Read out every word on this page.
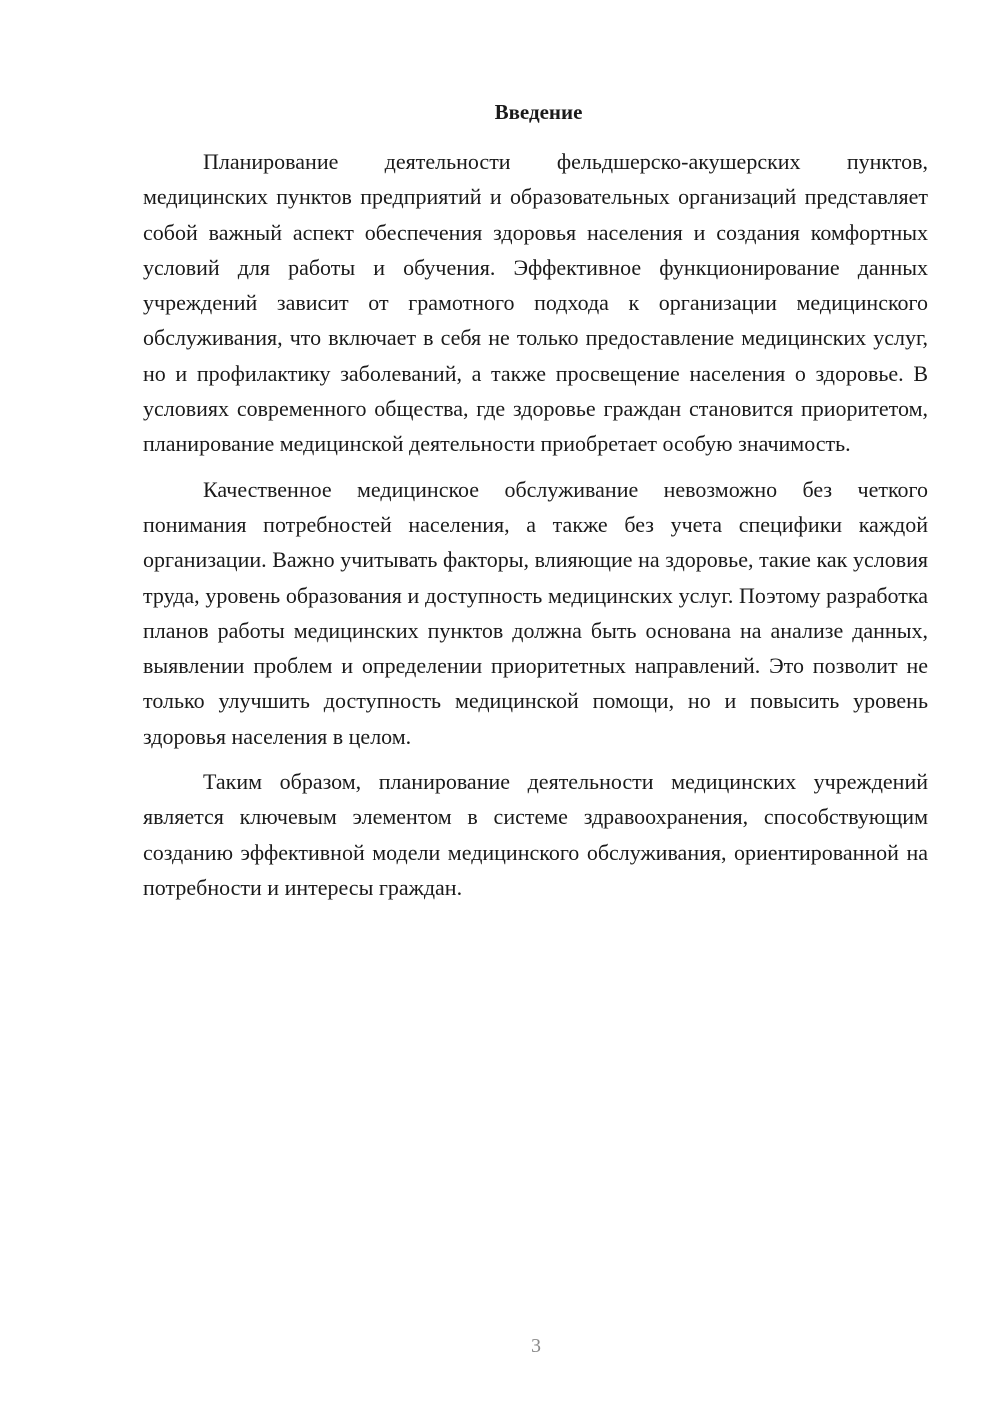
Введение

Планирование деятельности фельдшерско-акушерских пунктов, медицинских пунктов предприятий и образовательных организаций представляет собой важный аспект обеспечения здоровья населения и создания комфортных условий для работы и обучения. Эффективное функционирование данных учреждений зависит от грамотного подхода к организации медицинского обслуживания, что включает в себя не только предоставление медицинских услуг, но и профилактику заболеваний, а также просвещение населения о здоровье. В условиях современного общества, где здоровье граждан становится приоритетом, планирование медицинской деятельности приобретает особую значимость.

Качественное медицинское обслуживание невозможно без четкого понимания потребностей населения, а также без учета специфики каждой организации. Важно учитывать факторы, влияющие на здоровье, такие как условия труда, уровень образования и доступность медицинских услуг. Поэтому разработка планов работы медицинских пунктов должна быть основана на анализе данных, выявлении проблем и определении приоритетных направлений. Это позволит не только улучшить доступность медицинской помощи, но и повысить уровень здоровья населения в целом.

Таким образом, планирование деятельности медицинских учреждений является ключевым элементом в системе здравоохранения, способствующим созданию эффективной модели медицинского обслуживания, ориентированной на потребности и интересы граждан.

3
